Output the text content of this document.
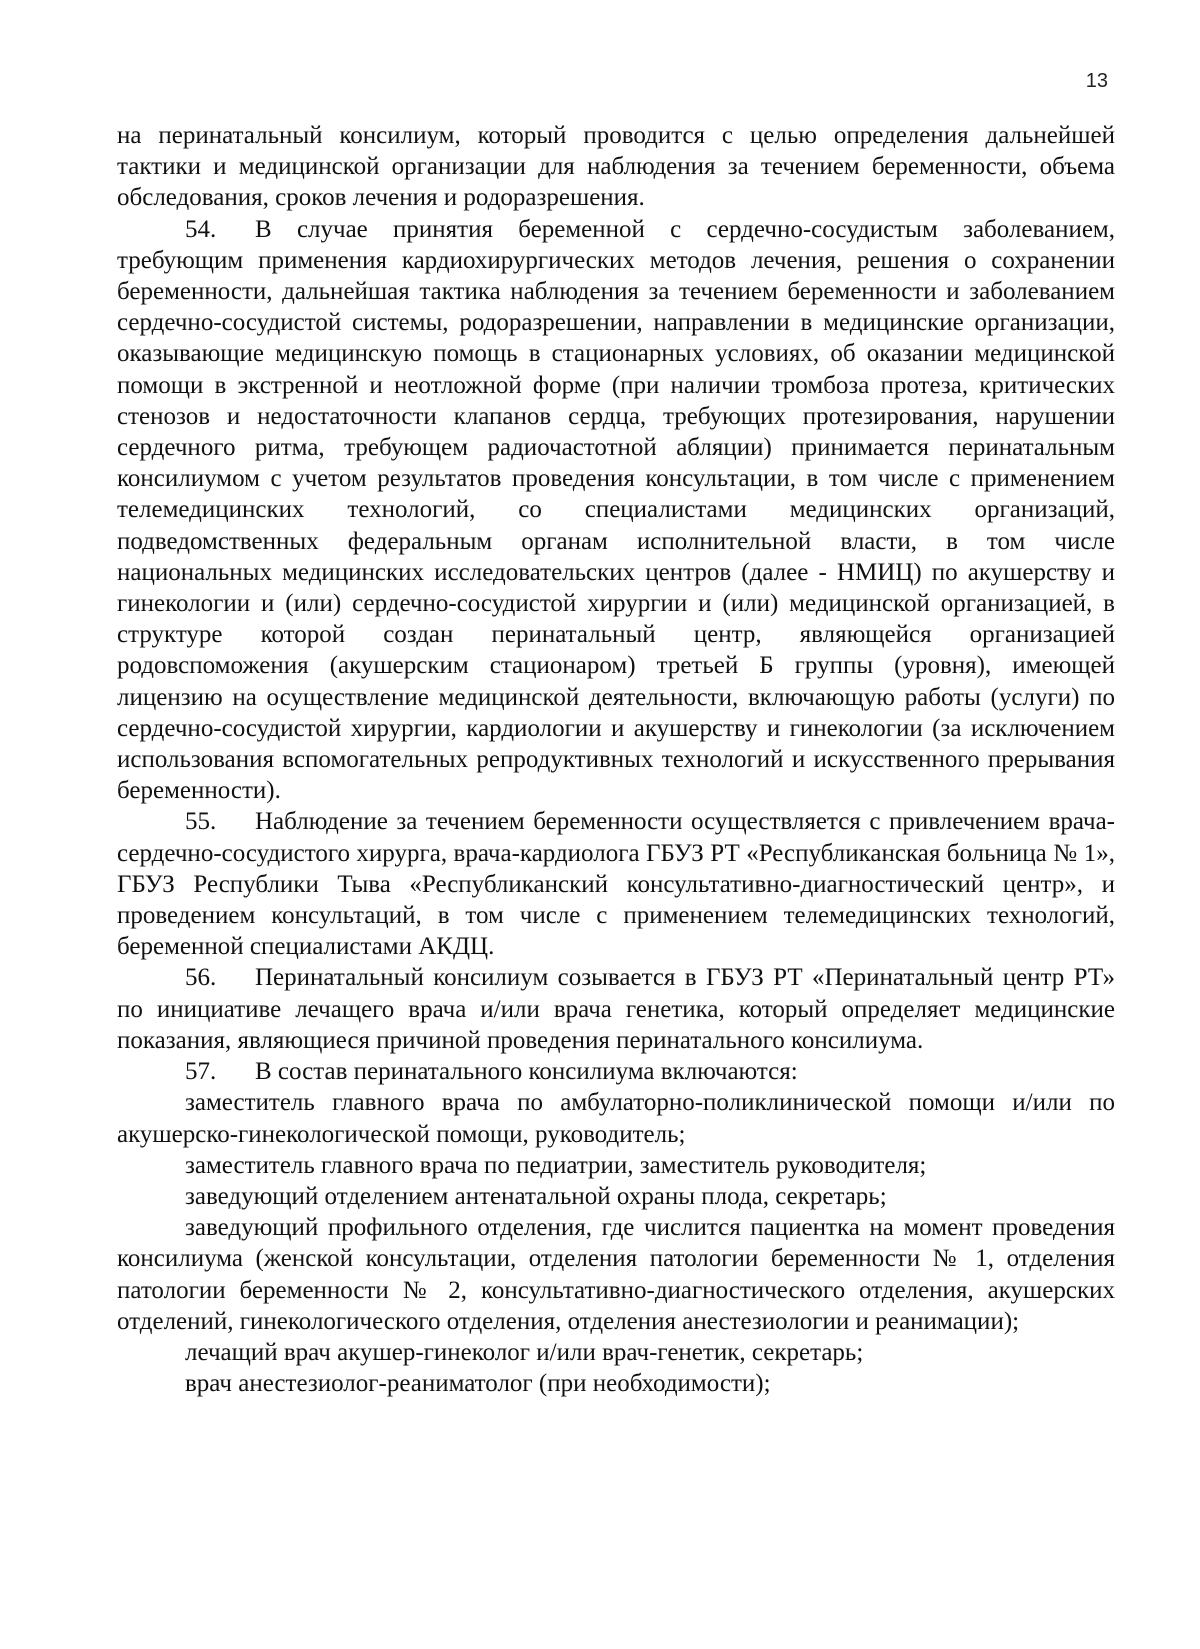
13

на перинатальный консилиум, который проводится с целью определения дальнейшей тактики и медицинской организации для наблюдения за течением беременности, объема обследования, сроков лечения и родоразрешения.

54. В случае принятия беременной с сердечно-сосудистым заболеванием, требующим применения кардиохирургических методов лечения, решения о сохранении беременности, дальнейшая тактика наблюдения за течением беременности и заболеванием сердечно-сосудистой системы, родоразрешении, направлении в медицинские организации, оказывающие медицинскую помощь в стационарных условиях, об оказании медицинской помощи в экстренной и неотложной форме (при наличии тромбоза протеза, критических стенозов и недостаточности клапанов сердца, требующих протезирования, нарушении сердечного ритма, требующем радиочастотной абляции) принимается перинатальным консилиумом с учетом результатов проведения консультации, в том числе с применением телемедицинских технологий, со специалистами медицинских организаций, подведомственных федеральным органам исполнительной власти, в том числе национальных медицинских исследовательских центров (далее - НМИЦ) по акушерству и гинекологии и (или) сердечно-сосудистой хирургии и (или) медицинской организацией, в структуре которой создан перинатальный центр, являющейся организацией родовспоможения (акушерским стационаром) третьей Б группы (уровня), имеющей лицензию на осуществление медицинской деятельности, включающую работы (услуги) по сердечно-сосудистой хирургии, кардиологии и акушерству и гинекологии (за исключением использования вспомогательных репродуктивных технологий и искусственного прерывания беременности).

55. Наблюдение за течением беременности осуществляется с привлечением врача-сердечно-сосудистого хирурга, врача-кардиолога ГБУЗ РТ «Республиканская больница № 1», ГБУЗ Республики Тыва «Республиканский консультативно-диагностический центр», и проведением консультаций, в том числе с применением телемедицинских технологий, беременной специалистами АКДЦ.

56. Перинатальный консилиум созывается в ГБУЗ РТ «Перинатальный центр РТ» по инициативе лечащего врача и/или врача генетика, который определяет медицинские показания, являющиеся причиной проведения перинатального консилиума.

57. В состав перинатального консилиума включаются:

заместитель главного врача по амбулаторно-поликлинической помощи и/или по акушерско-гинекологической помощи, руководитель;

заместитель главного врача по педиатрии, заместитель руководителя;

заведующий отделением антенатальной охраны плода, секретарь;

заведующий профильного отделения, где числится пациентка на момент проведения консилиума (женской консультации, отделения патологии беременности № 1, отделения патологии беременности № 2, консультативно-диагностического отделения, акушерских отделений, гинекологического отделения, отделения анестезиологии и реанимации);

лечащий врач акушер-гинеколог и/или врач-генетик, секретарь;

врач анестезиолог-реаниматолог (при необходимости);
